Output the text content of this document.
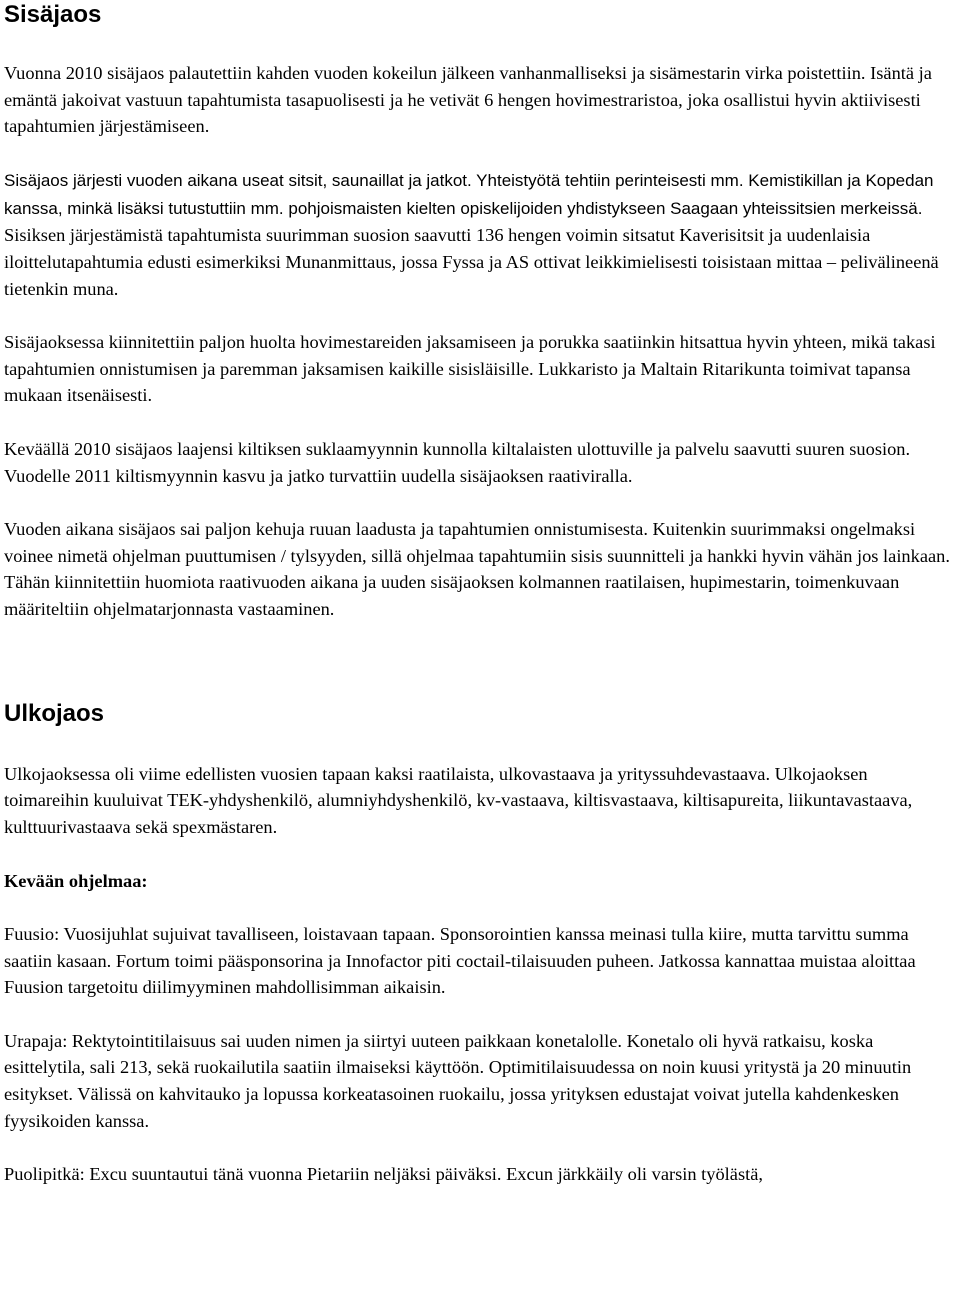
Sisäjaos

Vuonna 2010 sisäjaos palautettiin kahden vuoden kokeilun jälkeen vanhanmalliseksi ja sisämestarin virka poistettiin. Isäntä ja emäntä jakoivat vastuun tapahtumista tasapuolisesti ja he vetivät 6 hengen hovimestraristoa, joka osallistui hyvin aktiivisesti tapahtumien järjestämiseen.

Sisäjaos järjesti vuoden aikana useat sitsit, saunaillat ja jatkot. Yhteistyötä tehtiin perinteisesti mm. Kemistikillan ja Kopedan kanssa, minkä lisäksi tutustuttiin mm. pohjoismaisten kielten opiskelijoiden yhdistykseen Saagaan yhteissitsien merkeissä. Sisiksen järjestämistä tapahtumista suurimman suosion saavutti 136 hengen voimin sitsatut Kaverisitsit ja uudenlaisia iloittelutapahtumia edusti esimerkiksi Munanmittaus, jossa Fyssa ja AS ottivat leikkimielisesti toisistaan mittaa – pelivälineenä tietenkin muna.

Sisäjaoksessa kiinnitettiin paljon huolta hovimestareiden jaksamiseen ja porukka saatiinkin hitsattua hyvin yhteen, mikä takasi tapahtumien onnistumisen ja paremman jaksamisen kaikille sisisläisille. Lukkaristo ja Maltain Ritarikunta toimivat tapansa mukaan itsenäisesti.

Keväällä 2010 sisäjaos laajensi kiltiksen suklaamyynnin kunnolla kiltalaisten ulottuville ja palvelu saavutti suuren suosion. Vuodelle 2011 kiltismyynnin kasvu ja jatko turvattiin uudella sisäjaoksen raativiralla.

Vuoden aikana sisäjaos sai paljon kehuja ruuan laadusta ja tapahtumien onnistumisesta. Kuitenkin suurimmaksi ongelmaksi voinee nimetä ohjelman puuttumisen / tylsyyden, sillä ohjelmaa tapahtumiin sisis suunnitteli ja hankki hyvin vähän jos lainkaan. Tähän kiinnitettiin huomiota raativuoden aikana ja uuden sisäjaoksen kolmannen raatilaisen, hupimestarin, toimenkuvaan määriteltiin ohjelmatarjonnasta vastaaminen.

Ulkojaos

Ulkojaoksessa oli viime edellisten vuosien tapaan kaksi raatilaista, ulkovastaava ja yrityssuhdevastaava. Ulkojaoksen toimareihin kuuluivat TEK-yhdyshenkilö, alumniyhdyshenkilö, kv-vastaava, kiltisvastaava, kiltisapureita, liikuntavastaava, kulttuurivastaava sekä spexmästaren.

Kevään ohjelmaa:

Fuusio: Vuosijuhlat sujuivat tavalliseen, loistavaan tapaan. Sponsorointien kanssa meinasi tulla kiire, mutta tarvittu summa saatiin kasaan. Fortum toimi pääsponsorina ja Innofactor piti coctail-tilaisuuden puheen. Jatkossa kannattaa muistaa aloittaa Fuusion targetoitu diilimyyminen mahdollisimman aikaisin.

Urapaja: Rektytointitilaisuus sai uuden nimen ja siirtyi uuteen paikkaan konetalolle. Konetalo oli hyvä ratkaisu, koska esittelytila, sali 213, sekä ruokailutila saatiin ilmaiseksi käyttöön. Optimitilaisuudessa on noin kuusi yritystä ja 20 minuutin esitykset. Välissä on kahvitauko ja lopussa korkeatasoinen ruokailu, jossa yrityksen edustajat voivat jutella kahdenkesken fyysikoiden kanssa.

Puolipitkä: Excu suuntautui tänä vuonna Pietariin neljäksi päiväksi. Excun järkkäily oli varsin työlästä,
